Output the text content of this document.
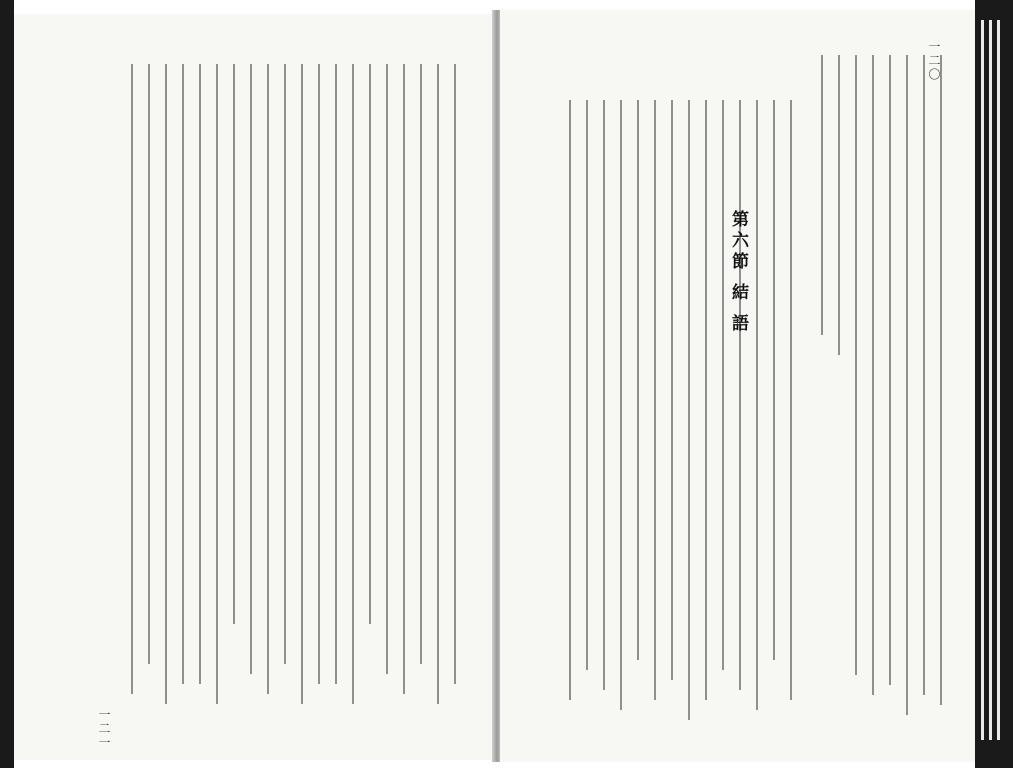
一二一
一二〇
第六節 結 語
